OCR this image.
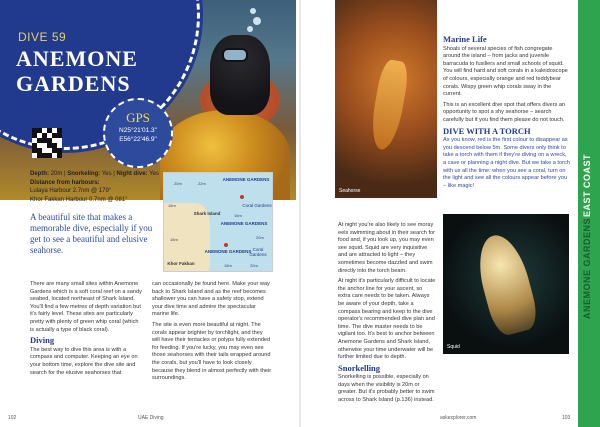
DIVE 59
ANEMONE
GARDENS
GPS
N25°21'01.3"
E56°22'46.9"
Depth: 20m | Snorkeling: Yes | Night dive: Yes
Distance from harbours:
Lulaya Harbour 2.7nm @ 179°
Khor Fakkan Harbour 0.7nm @ 081°
A beautiful site that makes a memorable dive, especially if you get to see a beautiful and elusive seahorse.
ANEMONE GARDENS
Shark Island
Coral Gardens
ANEMONE GARDENS
ANEMONE GARDENS Coral Gardens
Khor Fakkan
20m	22m
18m
16m
18m	20m
18m	20m

There are many small sites within Anemone Gardens which is a soft coral reef on a sandy seabed, located northeast of Shark Island. You'll find a few metres of depth variation but it's fairly level. These sites are particularly pretty with plenty of green whip coral (which is actually a type of black coral).

Diving

The best way to dive this area is with a compass and computer. Keeping an eye on your bottom time, explore the dive site and search for the elusive seahorses that

can occasionally be found here. Make your way back to Shark Island and as the reef becomes shallower you can have a safety stop, extend your dive time and admire the spectacular marine life.

The site is even more beautiful at night. The corals appear brighter by torchlight, and they will have their tentacles or polyps fully extended for feeding. If you're lucky, you may even see those seahorses with their tails wrapped around the corals, but you'll have to look closely because they blend in almost perfectly with their surroundings.

102	UAE Diving
Seahorse

At night you're also likely to see moray eels swimming about in their search for food and, if you look up, you may even see squid. Squid are very inquisitive and are attracted to light – they sometimes become dazzled and swim directly into the torch beam.

At night it's particularly difficult to locate the anchor line for your ascent, so extra care needs to be taken. Always be aware of your depth, take a compass bearing and keep to the dive operator's recommended dive plan and time. The dive master needs to be vigilant too. It's best to anchor between Anemone Gardens and Shark Island, otherwise your time underwater will be further limited due to depth.

Snorkelling

Snorkelling is possible, especially on days when the visibility is 20m or greater. But it's probably better to swim across to Shark Island (p.136) instead.

Marine Life

Shoals of several species of fish congregate around the island – from jacks and juvenile barracuda to fusiliers and small schools of squid. You will find hard and soft corals in a kaleidoscope of colours, especially orange and red teddybear corals. Wispy green whip corals sway in the current.

This is an excellent dive spot that offers divers an opportunity to spot a shy seahorse – search carefully but if you find them please do not touch.

DIVE WITH A TORCH

As you know, red is the first colour to disappear as you descend below 5m. Some divers only think to take a torch with them if they're diving on a wreck, a cave or planning a night dive. But we take a torch with us all the time: when you see a coral, turn on the light and see all the colours appear before you – like magic!

Squid
EAST COAST
ANEMONE GARDENS
askexplorer.com	103
